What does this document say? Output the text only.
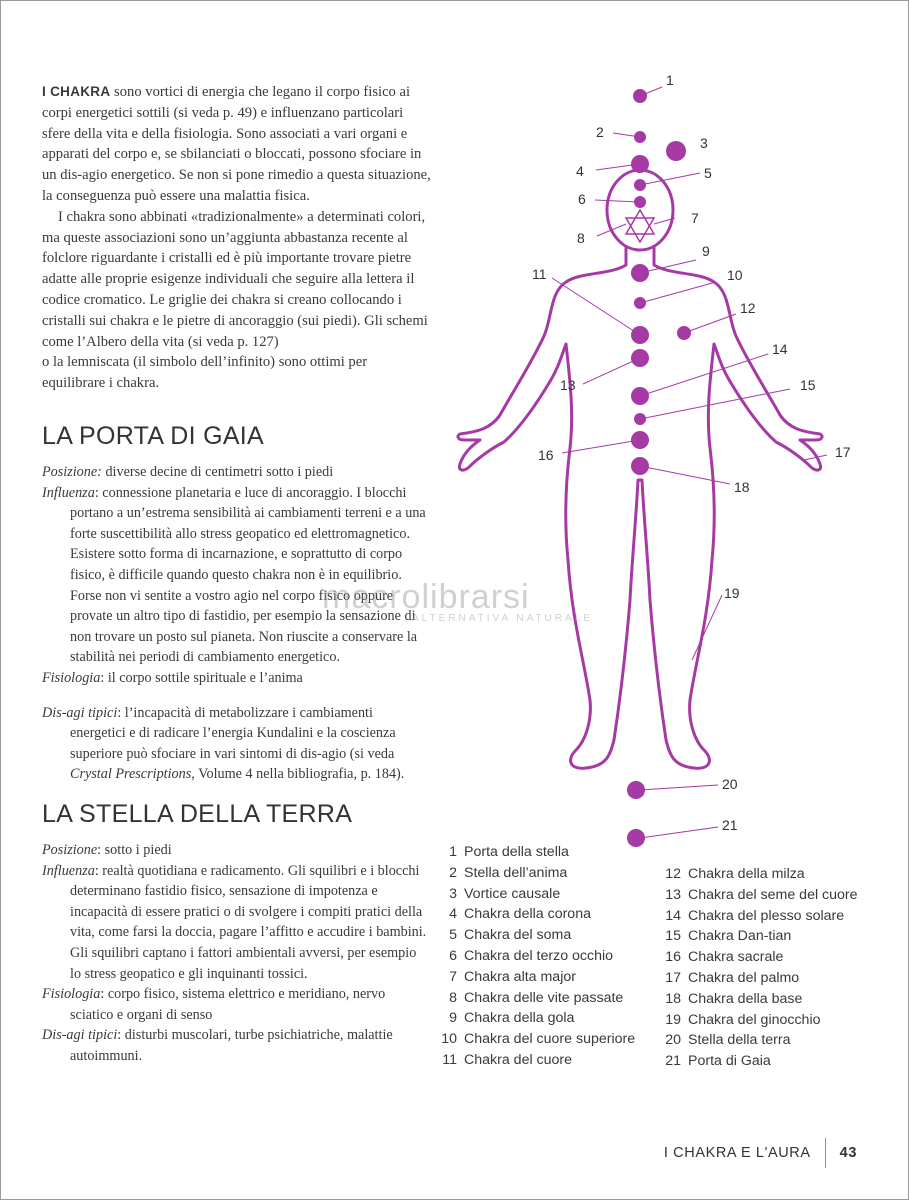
I CHAKRA sono vortici di energia che legano il corpo fisico ai corpi energetici sottili (si veda p. 49) e influenzano particolari sfere della vita e della fisiologia. Sono associati a vari organi e apparati del corpo e, se sbilanciati o bloccati, possono sfociare in un dis-agio energetico. Se non si pone rimedio a questa situazione, la conseguenza può essere una malattia fisica.

I chakra sono abbinati «tradizionalmente» a determinati colori, ma queste associazioni sono un’aggiunta abbastanza recente al folclore riguardante i cristalli ed è più importante trovare pietre adatte alle proprie esigenze individuali che seguire alla lettera il codice cromatico. Le griglie dei chakra si creano collocando i cristalli sui chakra e le pietre di ancoraggio (sui piedi). Gli schemi come l’Albero della vita (si veda p. 127)
o la lemniscata (il simbolo dell’infinito) sono ottimi per equilibrare i chakra.

LA PORTA DI GAIA

Posizione: diverse decine di centimetri sotto i piedi

Influenza: connessione planetaria e luce di ancoraggio. I blocchi portano a un’estrema sensibilità ai cambiamenti terreni e a una forte suscettibilità allo stress geopatico ed elettromagnetico. Esistere sotto forma di incarnazione, e soprattutto di corpo fisico, è difficile quando questo chakra non è in equilibrio. Forse non vi sentite a vostro agio nel corpo fisico oppure provate un altro tipo di fastidio, per esempio la sensazione di non trovare un posto sul pianeta. Non riuscite a conservare la stabilità nei periodi di cambiamento energetico.

Fisiologia: il corpo sottile spirituale e l’anima

Dis-agi tipici: l’incapacità di metabolizzare i cambiamenti energetici e di radicare l’energia Kundalini e la coscienza superiore può sfociare in vari sintomi di dis-agio (si veda Crystal Prescriptions, Volume 4 nella bibliografia, p. 184).

LA STELLA DELLA TERRA

Posizione: sotto i piedi

Influenza: realtà quotidiana e radicamento. Gli squilibri e i blocchi determinano fastidio fisico, sensazione di impotenza e incapacità di essere pratici o di svolgere i compiti pratici della vita, come farsi la doccia, pagare l’affitto e accudire i bambini. Gli squilibri captano i fattori ambientali avversi, per esempio lo stress geopatico e gli inquinanti tossici.

Fisiologia: corpo fisico, sistema elettrico e meridiano, nervo sciatico e organi di senso

Dis-agi tipici: disturbi muscolari, turbe psichiatriche, malattie autoimmuni.

1
2
3
4	5
6
7
8
9
10
11
12
13
14
15
16	17
18
19
20
21
macrolibrarsi
ALTERNATIVA NATURALE
1 Porta della stella
2 Stella dell’anima
3 Vortice causale
4 Chakra della corona
5 Chakra del soma
6 Chakra del terzo occhio
7 Chakra alta major
8 Chakra delle vite passate
9 Chakra della gola
10 Chakra del cuore superiore
11 Chakra del cuore
12 Chakra della milza
13 Chakra del seme del cuore
14 Chakra del plesso solare
15 Chakra Dan-tian
16 Chakra sacrale
17 Chakra del palmo
18 Chakra della base
19 Chakra del ginocchio
20 Stella della terra
21 Porta di Gaia
I CHAKRA E L'AURA 43
